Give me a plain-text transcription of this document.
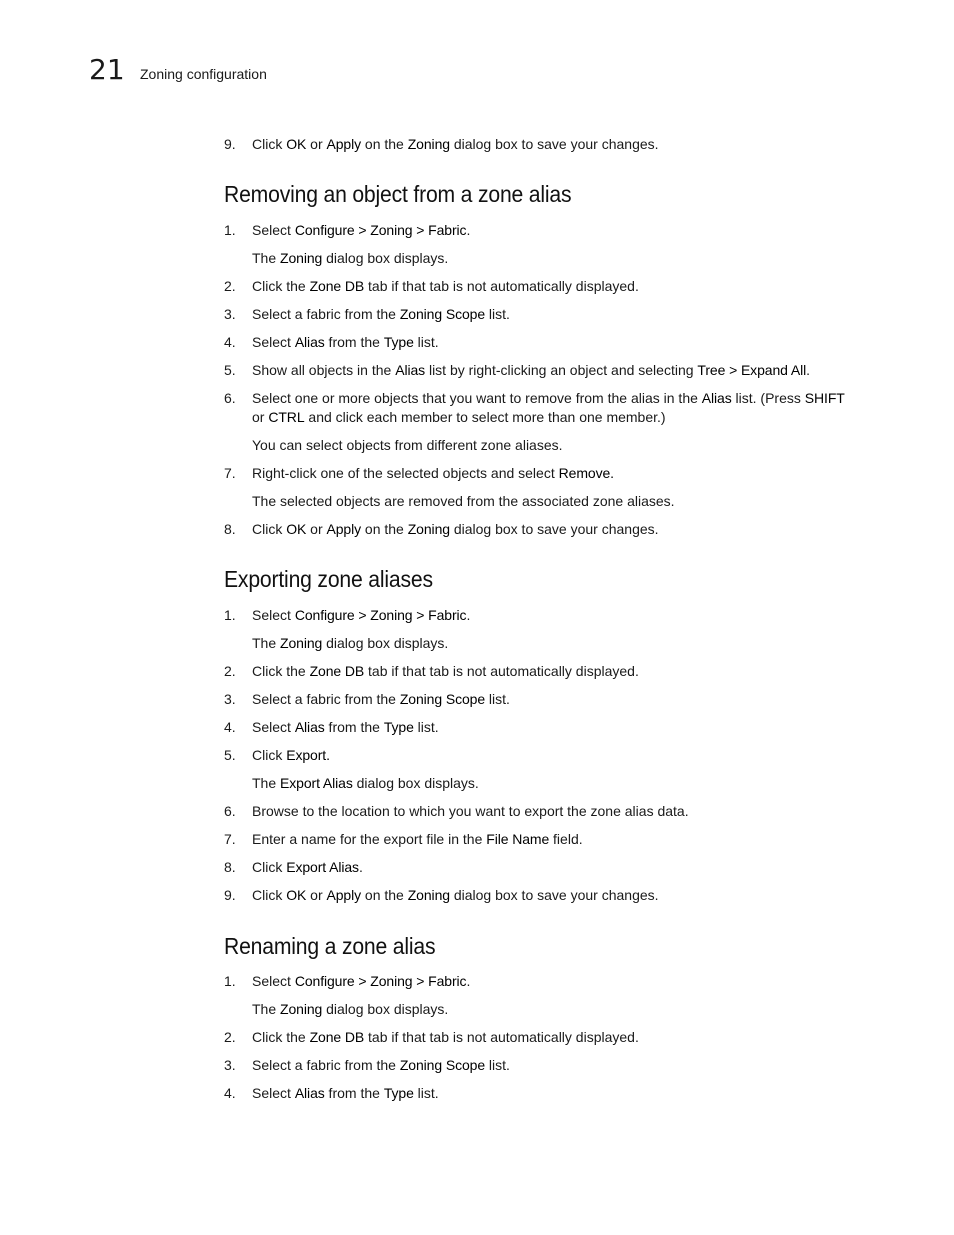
21 Zoning configuration
9. Click OK or Apply on the Zoning dialog box to save your changes.
Removing an object from a zone alias
1. Select Configure > Zoning > Fabric.
The Zoning dialog box displays.
2. Click the Zone DB tab if that tab is not automatically displayed.
3. Select a fabric from the Zoning Scope list.
4. Select Alias from the Type list.
5. Show all objects in the Alias list by right-clicking an object and selecting Tree > Expand All.
6. Select one or more objects that you want to remove from the alias in the Alias list. (Press SHIFT
or CTRL and click each member to select more than one member.)
You can select objects from different zone aliases.
7. Right-click one of the selected objects and select Remove.
The selected objects are removed from the associated zone aliases.
8. Click OK or Apply on the Zoning dialog box to save your changes.
Exporting zone aliases
1. Select Configure > Zoning > Fabric.
The Zoning dialog box displays.
2. Click the Zone DB tab if that tab is not automatically displayed.
3. Select a fabric from the Zoning Scope list.
4. Select Alias from the Type list.
5. Click Export.
The Export Alias dialog box displays.
6. Browse to the location to which you want to export the zone alias data.
7. Enter a name for the export file in the File Name field.
8. Click Export Alias.
9. Click OK or Apply on the Zoning dialog box to save your changes.
Renaming a zone alias
1. Select Configure > Zoning > Fabric.
The Zoning dialog box displays.
2. Click the Zone DB tab if that tab is not automatically displayed.
3. Select a fabric from the Zoning Scope list.
4. Select Alias from the Type list.
